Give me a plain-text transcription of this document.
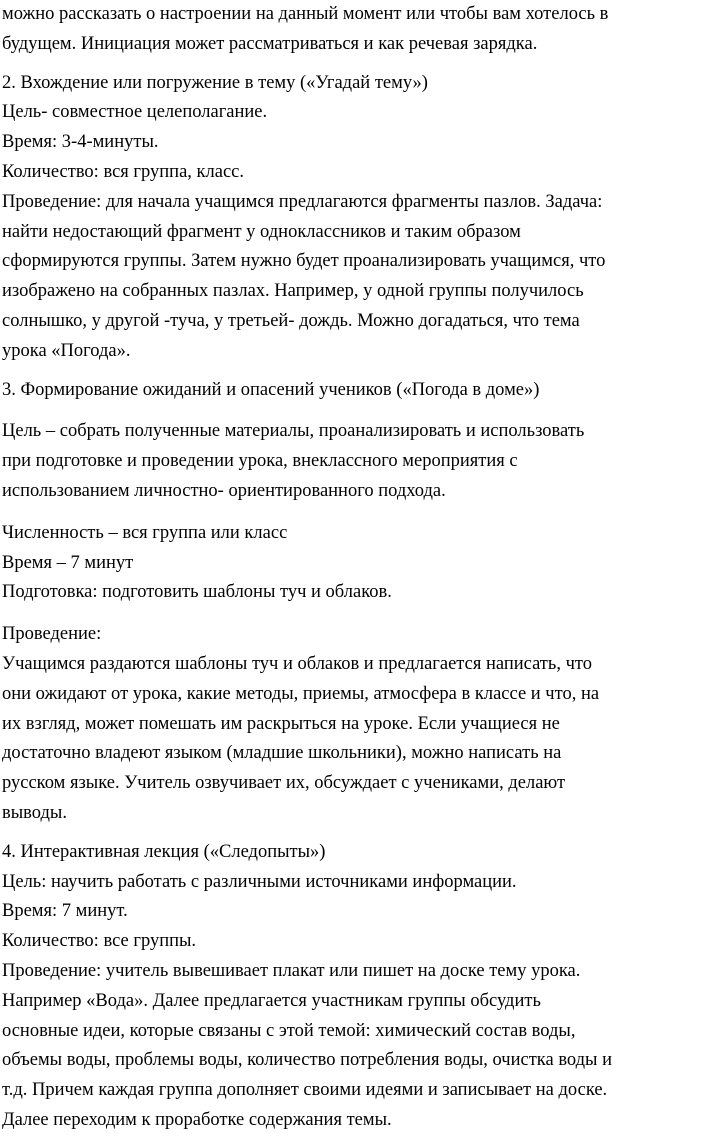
можно рассказать о настроении на данный момент или чтобы вам хотелось в
будущем. Инициация может рассматриваться и как речевая зарядка.
2. Вхождение или погружение в тему («Угадай тему»)
Цель- совместное целеполагание.
Время: 3-4-минуты.
Количество: вся группа, класс.
Проведение: для начала учащимся предлагаются фрагменты пазлов. Задача:
найти недостающий фрагмент у одноклассников и таким образом
сформируются группы. Затем нужно будет проанализировать учащимся, что
изображено на собранных пазлах. Например, у одной группы получилось
солнышко, у другой -туча, у третьей- дождь. Можно догадаться, что тема
урока «Погода».
3. Формирование ожиданий и опасений учеников («Погода в доме»)
Цель – собрать полученные материалы, проанализировать и использовать
при подготовке и проведении урока, внеклассного мероприятия с
использованием личностно- ориентированного подхода.
Численность – вся группа или класс
Время – 7 минут
Подготовка: подготовить шаблоны туч и облаков.
Проведение:
Учащимся раздаются шаблоны туч и облаков и предлагается написать, что
они ожидают от урока, какие методы, приемы, атмосфера в классе и что, на
их взгляд, может помешать им раскрыться на уроке. Если учащиеся не
достаточно владеют языком (младшие школьники), можно написать на
русском языке. Учитель озвучивает их, обсуждает с учениками, делают
выводы.
4. Интерактивная лекция («Следопыты»)
Цель: научить работать с различными источниками информации.
Время: 7 минут.
Количество: все группы.
Проведение: учитель вывешивает плакат или пишет на доске тему урока.
Например «Вода». Далее предлагается участникам группы обсудить
основные идеи, которые связаны с этой темой: химический состав воды,
объемы воды, проблемы воды, количество потребления воды, очистка воды и
т.д. Причем каждая группа дополняет своими идеями и записывает на доске.
Далее переходим к проработке содержания темы.
